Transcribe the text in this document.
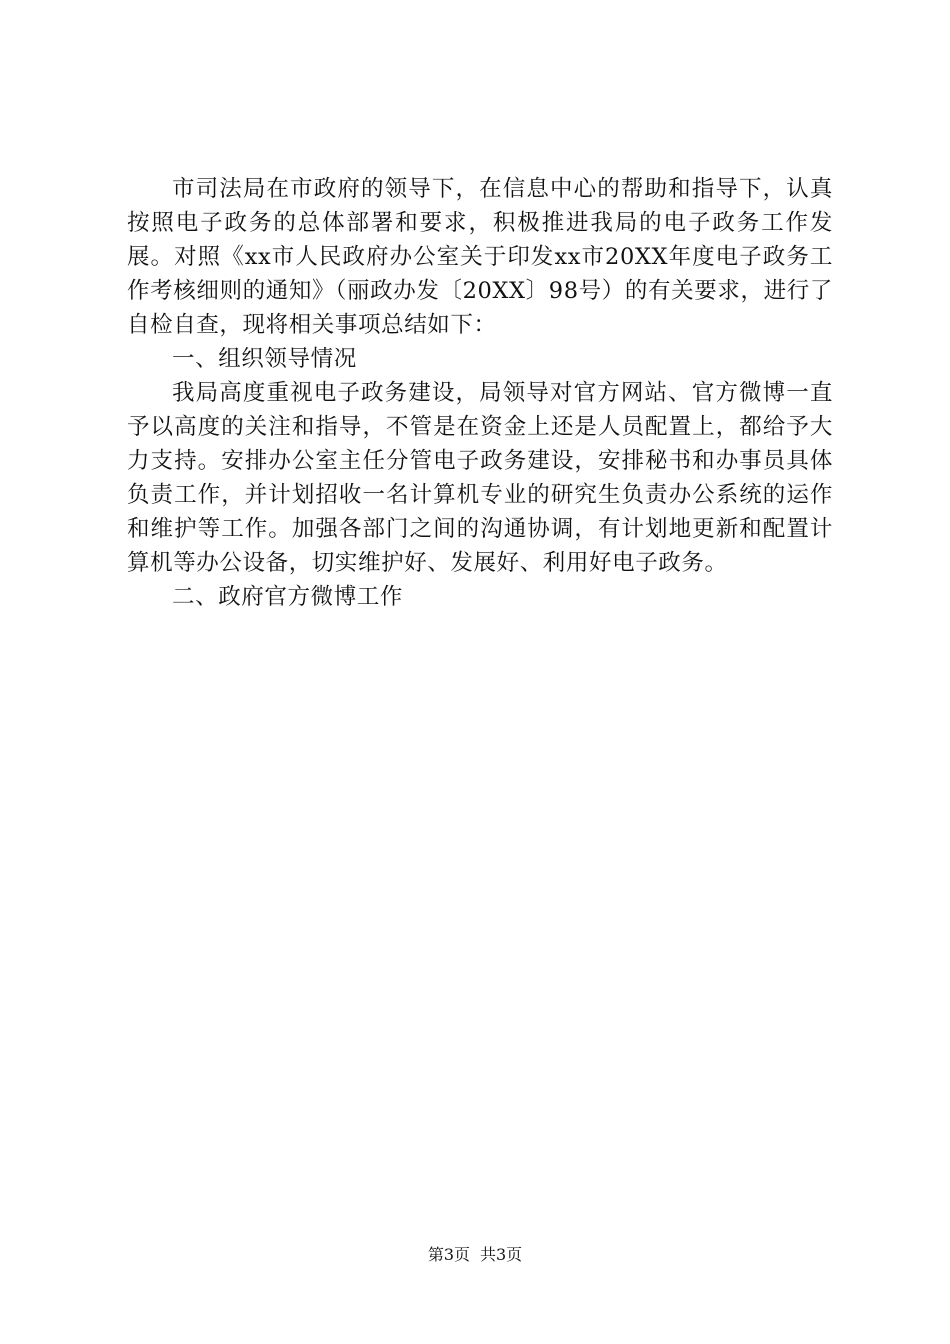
市司法局在市政府的领导下，在信息中心的帮助和指导下，认真按照电子政务的总体部署和要求，积极推进我局的电子政务工作发展。对照《xx市人民政府办公室关于印发xx市20XX年度电子政务工作考核细则的通知》（丽政办发〔20XX〕98号）的有关要求，进行了自检自查，现将相关事项总结如下：

一、组织领导情况

我局高度重视电子政务建设，局领导对官方网站、官方微博一直予以高度的关注和指导，不管是在资金上还是人员配置上，都给予大力支持。安排办公室主任分管电子政务建设，安排秘书和办事员具体负责工作，并计划招收一名计算机专业的研究生负责办公系统的运作和维护等工作。加强各部门之间的沟通协调，有计划地更新和配置计算机等办公设备，切实维护好、发展好、利用好电子政务。

二、政府官方微博工作

第3页 共3页
